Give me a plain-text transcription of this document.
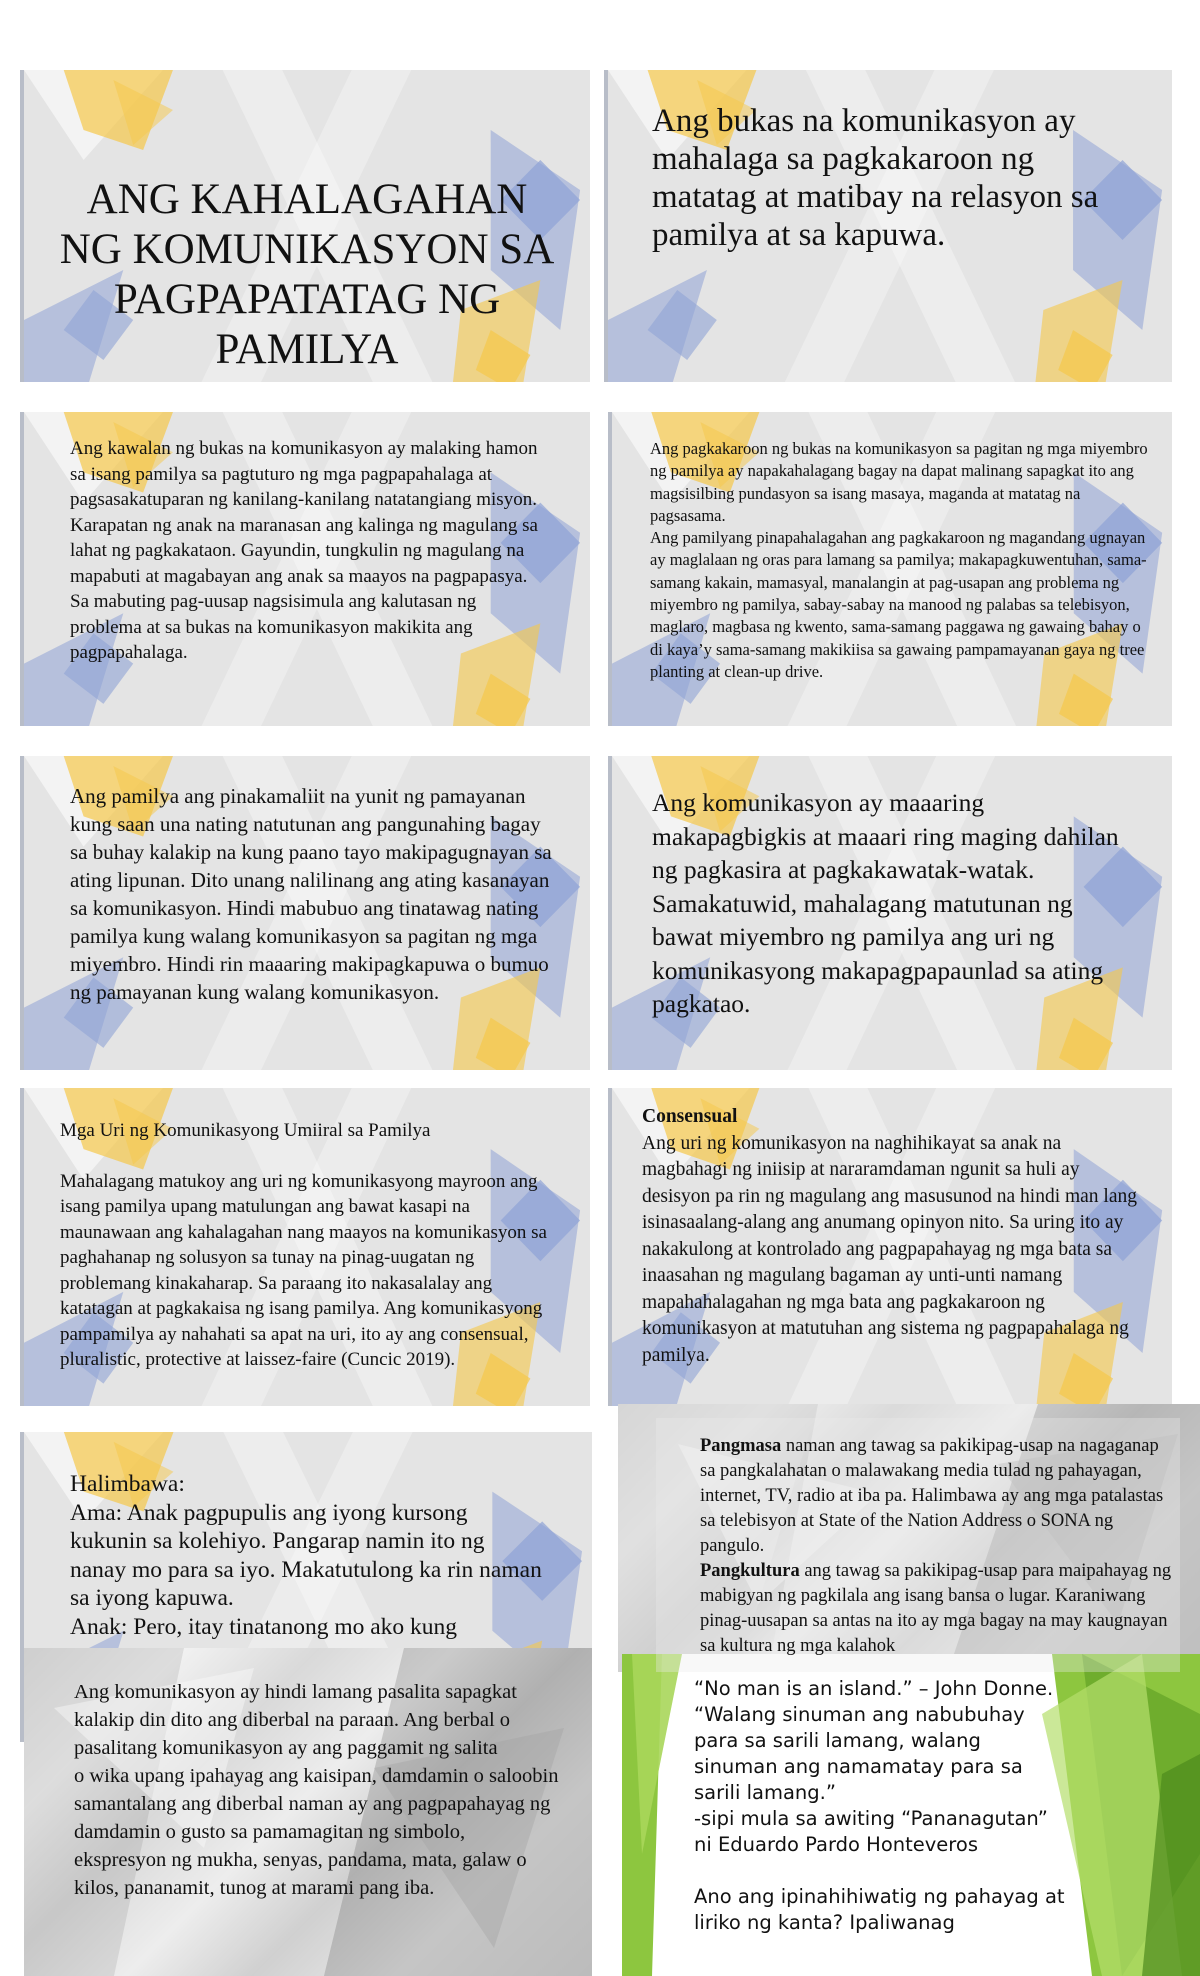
ANG KAHALAGAHAN NG KOMUNIKASYON SA PAGPAPATATAG NG PAMILYA
Ang bukas na komunikasyon ay mahalaga sa pagkakaroon ng matatag at matibay na relasyon sa pamilya at sa kapuwa.
Ang kawalan ng bukas na komunikasyon ay malaking hamon sa isang pamilya sa pagtuturo ng mga pagpapahalaga at pagsasakatuparan ng kanilang-kanilang natatangiang misyon.
Karapatan ng anak na maranasan ang kalinga ng magulang sa lahat ng pagkakataon. Gayundin, tungkulin ng magulang na mapabuti at magabayan ang anak sa maayos na pagpapasya. Sa mabuting pag-uusap nagsisimula ang kalutasan ng problema at sa bukas na komunikasyon makikita ang pagpapahalaga.
Ang pagkakaroon ng bukas na komunikasyon sa pagitan ng mga miyembro ng pamilya ay napakahalagang bagay na dapat malinang sapagkat ito ang magsisilbing pundasyon sa isang masaya, maganda at matatag na pagsasama.
Ang pamilyang pinapahalagahan ang pagkakaroon ng magandang ugnayan ay maglalaan ng oras para lamang sa pamilya; makapagkuwentuhan, sama-samang kakain, mamasyal, manalangin at pag-usapan ang problema ng miyembro ng pamilya, sabay-sabay na manood ng palabas sa telebisyon, maglaro, magbasa ng kwento, sama-samang paggawa ng gawaing bahay o di kaya’y sama-samang makikiisa sa gawaing pampamayanan gaya ng tree planting at clean-up drive.
Ang pamilya ang pinakamaliit na yunit ng pamayanan kung saan una nating natutunan ang pangunahing bagay sa buhay kalakip na kung paano tayo makipagugnayan sa ating lipunan. Dito unang nalilinang ang ating kasanayan sa komunikasyon. Hindi mabubuo ang tinatawag nating pamilya kung walang komunikasyon sa pagitan ng mga miyembro. Hindi rin maaaring makipagkapuwa o bumuo ng pamayanan kung walang komunikasyon.
Ang komunikasyon ay maaaring makapagbigkis at maaari ring maging dahilan ng pagkasira at pagkakawatak-watak. Samakatuwid, mahalagang matutunan ng bawat miyembro ng pamilya ang uri ng komunikasyong makapagpapaunlad sa ating pagkatao.
Mga Uri ng Komunikasyong Umiiral sa Pamilya
Mahalagang matukoy ang uri ng komunikasyong mayroon ang isang pamilya upang matulungan ang bawat kasapi na maunawaan ang kahalagahan nang maayos na komunikasyon sa paghahanap ng solusyon sa tunay na pinag-uugatan ng problemang kinakaharap. Sa paraang ito nakasalalay ang katatagan at pagkakaisa ng isang pamilya. Ang komunikasyong pampamilya ay nahahati sa apat na uri, ito ay ang consensual, pluralistic, protective at laissez-faire (Cuncic 2019).
Consensual
Ang uri ng komunikasyon na naghihikayat sa anak na magbahagi ng iniisip at nararamdaman ngunit sa huli ay desisyon pa rin ng magulang ang masusunod na hindi man lang isinasaalang-alang ang anumang opinyon nito. Sa uring ito ay nakakulong at kontrolado ang pagpapahayag ng mga bata sa inaasahan ng magulang bagaman ay unti-unti namang mapahahalagahan ng mga bata ang pagkakaroon ng komunikasyon at matutuhan ang sistema ng pagpapahalaga ng pamilya.
Halimbawa:
Ama: Anak pagpupulis ang iyong kursong kukunin sa kolehiyo. Pangarap namin ito ng nanay mo para sa iyo. Makatutulong ka rin naman sa iyong kapuwa.
Anak: Pero, itay tinatanong mo ako kung
Pangmasa naman ang tawag sa pakikipag-usap na nagaganap sa pangkalahatan o malawakang media tulad ng pahayagan, internet, TV, radio at iba pa. Halimbawa ay ang mga patalastas sa telebisyon at State of the Nation Address o SONA ng pangulo.
Pangkultura ang tawag sa pakikipag-usap para maipahayag ng mabigyan ng pagkilala ang isang bansa o lugar. Karaniwang pinag-uusapan sa antas na ito ay mga bagay na may kaugnayan sa kultura ng mga kalahok
Ang komunikasyon ay hindi lamang pasalita sapagkat kalakip din dito ang diberbal na paraan. Ang berbal o pasalitang komunikasyon ay ang paggamit ng salita
o wika upang ipahayag ang kaisipan, damdamin o saloobin samantalang ang diberbal naman ay ang pagpapahayag ng damdamin o gusto sa pamamagitan ng simbolo, ekspresyon ng mukha, senyas, pandama, mata, galaw o kilos, pananamit, tunog at marami pang iba.
“No man is an island.” – John Donne.
“Walang sinuman ang nabubuhay para sa sarili lamang, walang sinuman ang namamatay para sa sarili lamang.”
-sipi mula sa awiting “Pananagutan” ni Eduardo Pardo Honteveros
Ano ang ipinahihiwatig ng pahayag at liriko ng kanta? Ipaliwanag
